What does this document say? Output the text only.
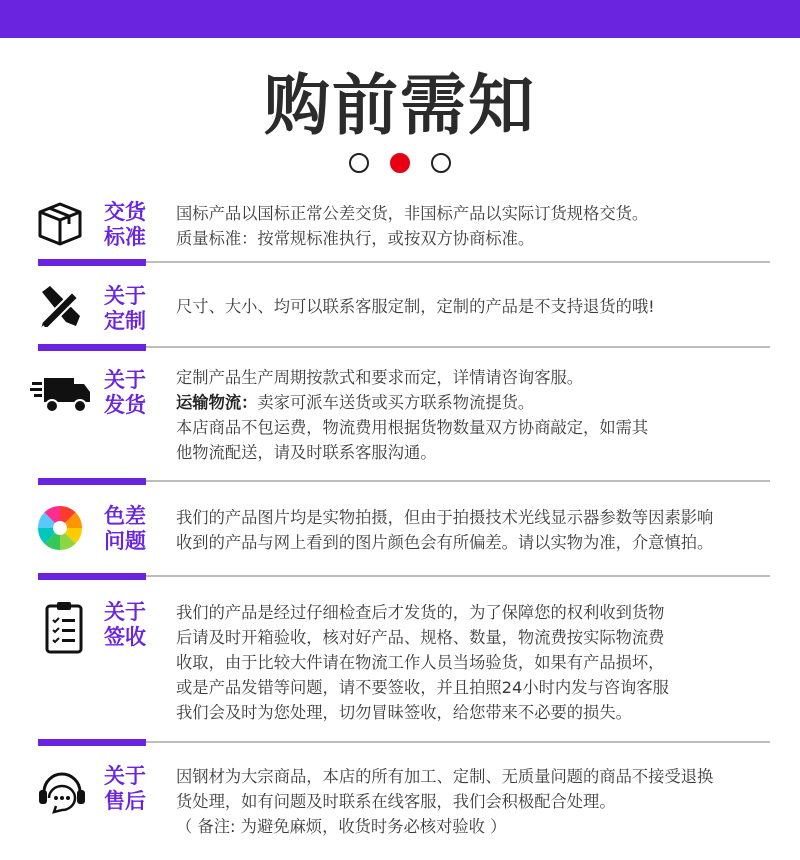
购前需知

交货
标准
国标产品以国标正常公差交货，非国标产品以实际订货规格交货。
质量标准：按常规标准执行，或按双方协商标准。
关于
定制
尺寸、大小、均可以联系客服定制，定制的产品是不支持退货的哦!
关于
发货
定制产品生产周期按款式和要求而定，详情请咨询客服。
运输物流：卖家可派车送货或买方联系物流提货。
本店商品不包运费，物流费用根据货物数量双方协商敲定，如需其
他物流配送，请及时联系客服沟通。
色差
问题
我们的产品图片均是实物拍摄，但由于拍摄技术光线显示器参数等因素影响
收到的产品与网上看到的图片颜色会有所偏差。请以实物为准，介意慎拍。
关于
签收
我们的产品是经过仔细检查后才发货的，为了保障您的权利收到货物
后请及时开箱验收，核对好产品、规格、数量，物流费按实际物流费
收取，由于比较大件请在物流工作人员当场验货，如果有产品损坏，
或是产品发错等问题，请不要签收，并且拍照24小时内发与咨询客服
我们会及时为您处理，切勿冒昧签收，给您带来不必要的损失。
关于
售后
因钢材为大宗商品，本店的所有加工、定制、无质量问题的商品不接受退换
货处理，如有问题及时联系在线客服，我们会积极配合处理。
（ 备注: 为避免麻烦，收货时务必核对验收 ）
